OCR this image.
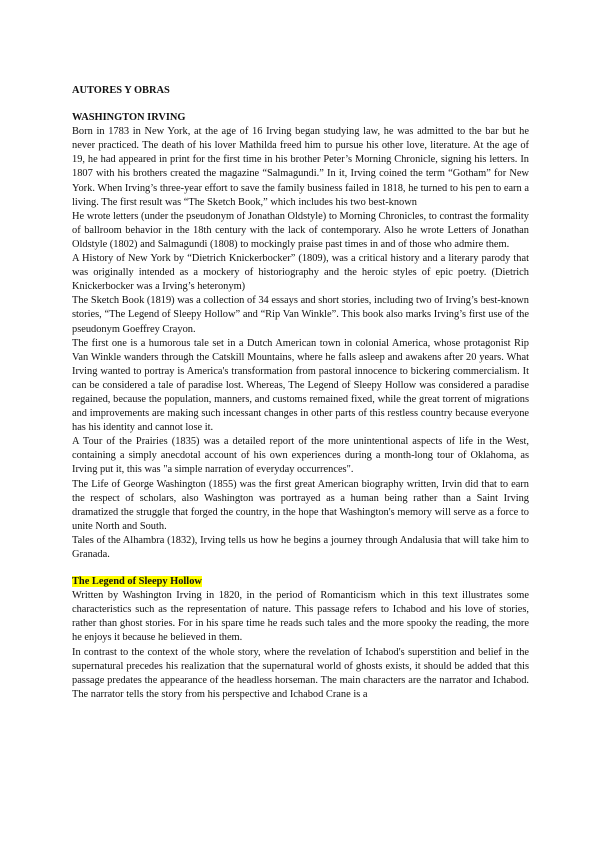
AUTORES Y OBRAS

WASHINGTON IRVING

Born in 1783 in New York, at the age of 16 Irving began studying law, he was admitted to the bar but he never practiced. The death of his lover Mathilda freed him to pursue his other love, literature. At the age of 19, he had appeared in print for the first time in his brother Peter’s Morning Chronicle, signing his letters. In 1807 with his brothers created the magazine “Salmagundi.” In it, Irving coined the term “Gotham” for New York. When Irving’s three-year effort to save the family business failed in 1818, he turned to his pen to earn a living. The first result was “The Sketch Book,” which includes his two best-known

He wrote letters (under the pseudonym of Jonathan Oldstyle) to Morning Chronicles, to contrast the formality of ballroom behavior in the 18th century with the lack of contemporary. Also he wrote Letters of Jonathan Oldstyle (1802) and Salmagundi (1808) to mockingly praise past times in and of those who admire them.

A History of New York by “Dietrich Knickerbocker” (1809), was a critical history and a literary parody that was originally intended as a mockery of historiography and the heroic styles of epic poetry. (Dietrich Knickerbocker was a Irving’s heteronym)

The Sketch Book (1819) was a collection of 34 essays and short stories, including two of Irving’s best-known stories, “The Legend of Sleepy Hollow” and “Rip Van Winkle”. This book also marks Irving’s first use of the pseudonym Goeffrey Crayon.

The first one is a humorous tale set in a Dutch American town in colonial America, whose protagonist Rip Van Winkle wanders through the Catskill Mountains, where he falls asleep and awakens after 20 years. What Irving wanted to portray is America's transformation from pastoral innocence to bickering commercialism. It can be considered a tale of paradise lost. Whereas, The Legend of Sleepy Hollow was considered a paradise regained, because the population, manners, and customs remained fixed, while the great torrent of migrations and improvements are making such incessant changes in other parts of this restless country because everyone has his identity and cannot lose it.

A Tour of the Prairies (1835) was a detailed report of the more unintentional aspects of life in the West, containing a simply anecdotal account of his own experiences during a month-long tour of Oklahoma, as Irving put it, this was "a simple narration of everyday occurrences".

The Life of George Washington (1855) was the first great American biography written, Irvin did that to earn the respect of scholars, also Washington was portrayed as a human being rather than a Saint Irving dramatized the struggle that forged the country, in the hope that Washington's memory will serve as a force to unite North and South.

Tales of the Alhambra (1832), Irving tells us how he begins a journey through Andalusia that will take him to Granada.

The Legend of Sleepy Hollow

Written by Washington Irving in 1820, in the period of Romanticism which in this text illustrates some characteristics such as the representation of nature. This passage refers to Ichabod and his love of stories, rather than ghost stories. For in his spare time he reads such tales and the more spooky the reading, the more he enjoys it because he believed in them.

In contrast to the context of the whole story, where the revelation of Ichabod's superstition and belief in the supernatural precedes his realization that the supernatural world of ghosts exists, it should be added that this passage predates the appearance of the headless horseman. The main characters are the narrator and Ichabod. The narrator tells the story from his perspective and Ichabod Crane is a
